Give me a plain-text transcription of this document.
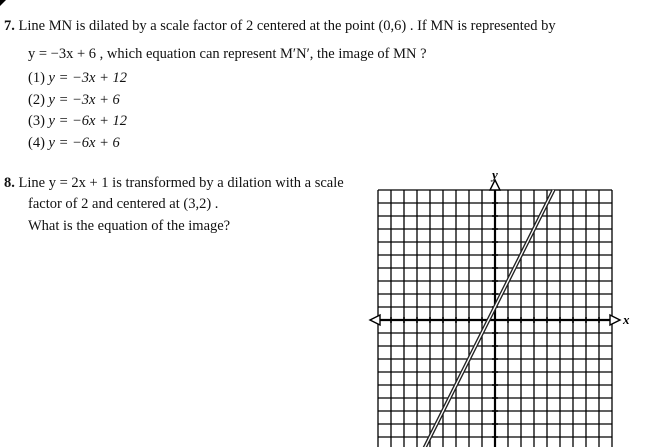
7. Line MN is dilated by a scale factor of 2 centered at the point (0,6) . If MN is represented by
y = −3x + 6 , which equation can represent M′N′, the image of MN ?
(1) y = −3x + 12
(2) y = −3x + 6
(3) y = −6x + 12
(4) y = −6x + 6
8. Line y = 2x + 1 is transformed by a dilation with a scale
factor of 2 and centered at (3,2) .
What is the equation of the image?
x
y
